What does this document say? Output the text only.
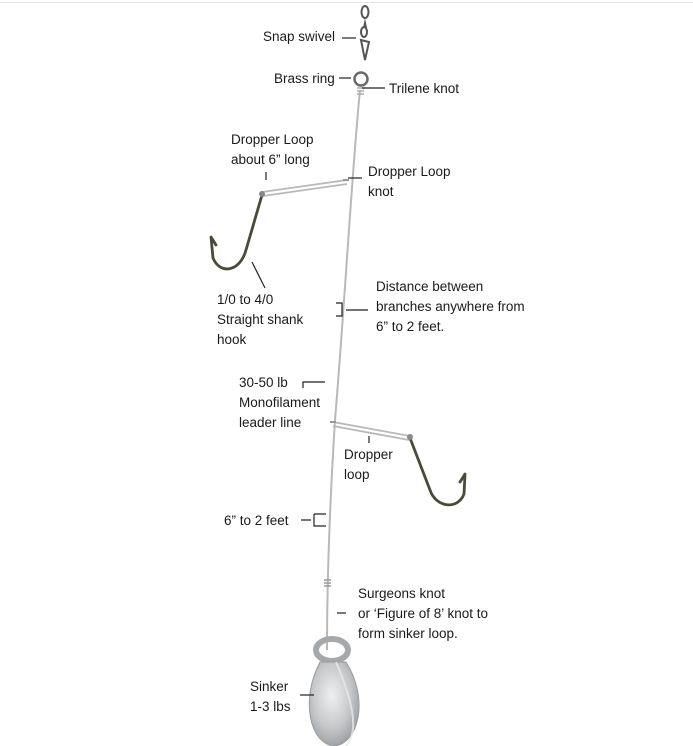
Snap swivel
Brass ring
Trilene knot
Dropper Loop
about 6” long
Dropper Loop
knot
1/0 to 4/0
Straight shank
hook
Distance between
branches anywhere from
6” to 2 feet.
30-50 lb
Monofilament
leader line
Dropper
loop
6” to 2 feet
Surgeons knot
or ‘Figure of 8’ knot to
form sinker loop.
Sinker
1-3 lbs
